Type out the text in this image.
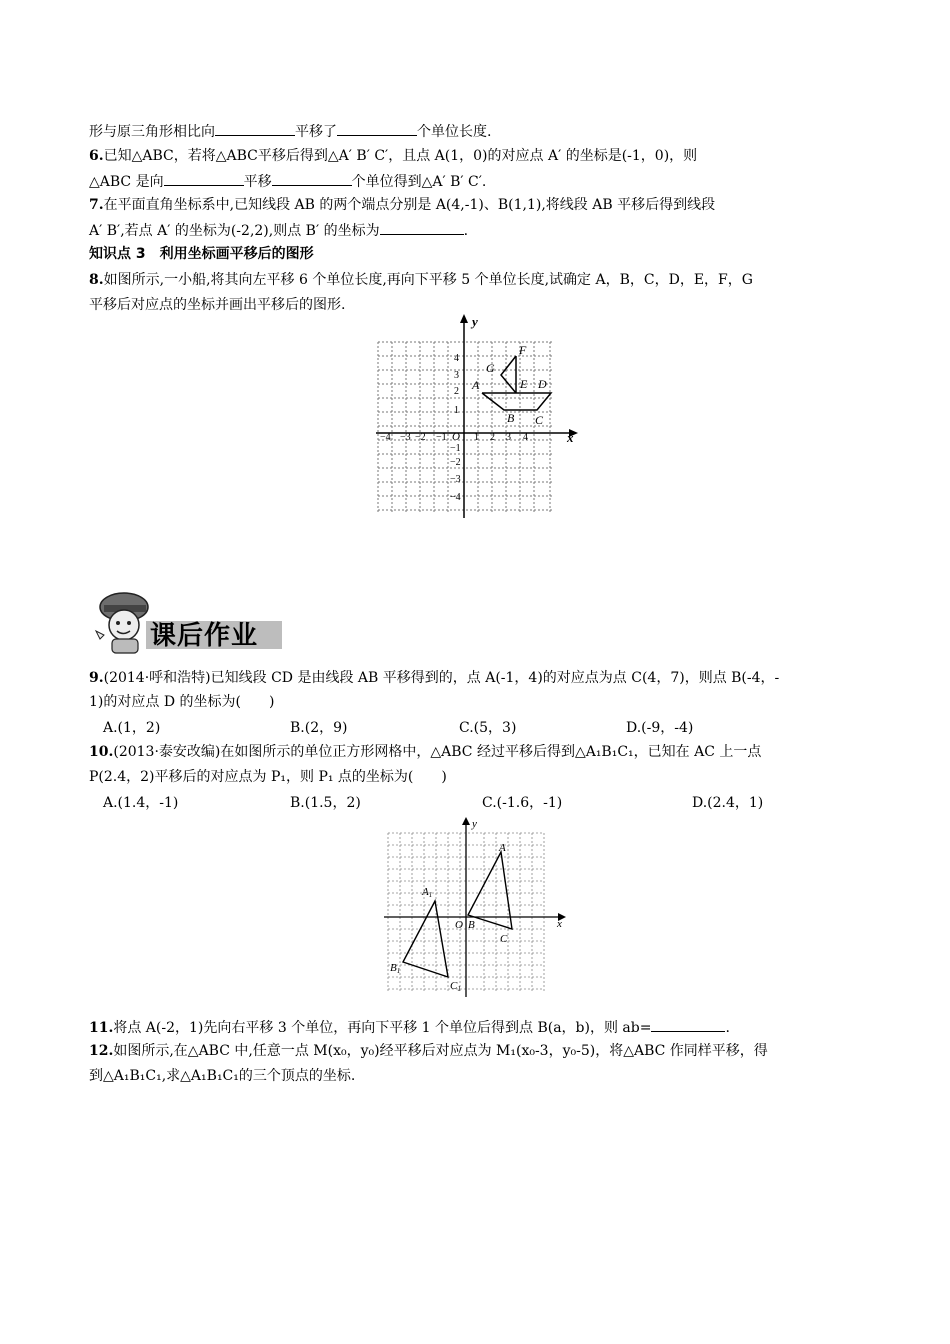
形与原三角形相比向	平移了	个单位长度.
6.已知△ABC，若将△ABC平移后得到△A′ B′ C′，且点 A(1，0)的对应点 A′ 的坐标是(-1，0)，则
△ABC 是向	平移	个单位得到△A′ B′ C′.
7.在平面直角坐标系中,已知线段 AB 的两个端点分别是 A(4,-1)、B(1,1),将线段 AB 平移后得到线段
A′ B′,若点 A′ 的坐标为(-2,2),则点 B′ 的坐标为	.
知识点 3　利用坐标画平移后的图形
8.如图所示,一小船,将其向左平移 6 个单位长度,再向下平移 5 个单位长度,试确定 A，B，C，D，E，F，G
平移后对应点的坐标并画出平移后的图形.
x
y
O
−4 −3 −2 −1	1 2 3 4
4
3
2
1
−1
−2
−3
−4
A
B C
D
E
F
G
课后作业
9.(2014·呼和浩特)已知线段 CD 是由线段 AB 平移得到的，点 A(-1，4)的对应点为点 C(4，7)，则点 B(-4，-
1)的对应点 D 的坐标为(　　)
A.(1，2)	B.(2，9)	C.(5，3)	D.(-9，-4)
10.(2013·泰安改编)在如图所示的单位正方形网格中，△ABC 经过平移后得到△A₁B₁C₁，已知在 AC 上一点
P(2.4，2)平移后的对应点为 P₁，则 P₁ 点的坐标为(　　)
A.(1.4，-1)	B.(1.5，2)	C.(-1.6，-1)	D.(2.4，1)
x
y
O
A
B
C
A1
B1
C1
11.将点 A(-2，1)先向右平移 3 个单位，再向下平移 1 个单位后得到点 B(a，b)，则 ab=	.
12.如图所示,在△ABC 中,任意一点 M(x₀，y₀)经平移后对应点为 M₁(x₀-3，y₀-5)，将△ABC 作同样平移，得
到△A₁B₁C₁,求△A₁B₁C₁的三个顶点的坐标.
